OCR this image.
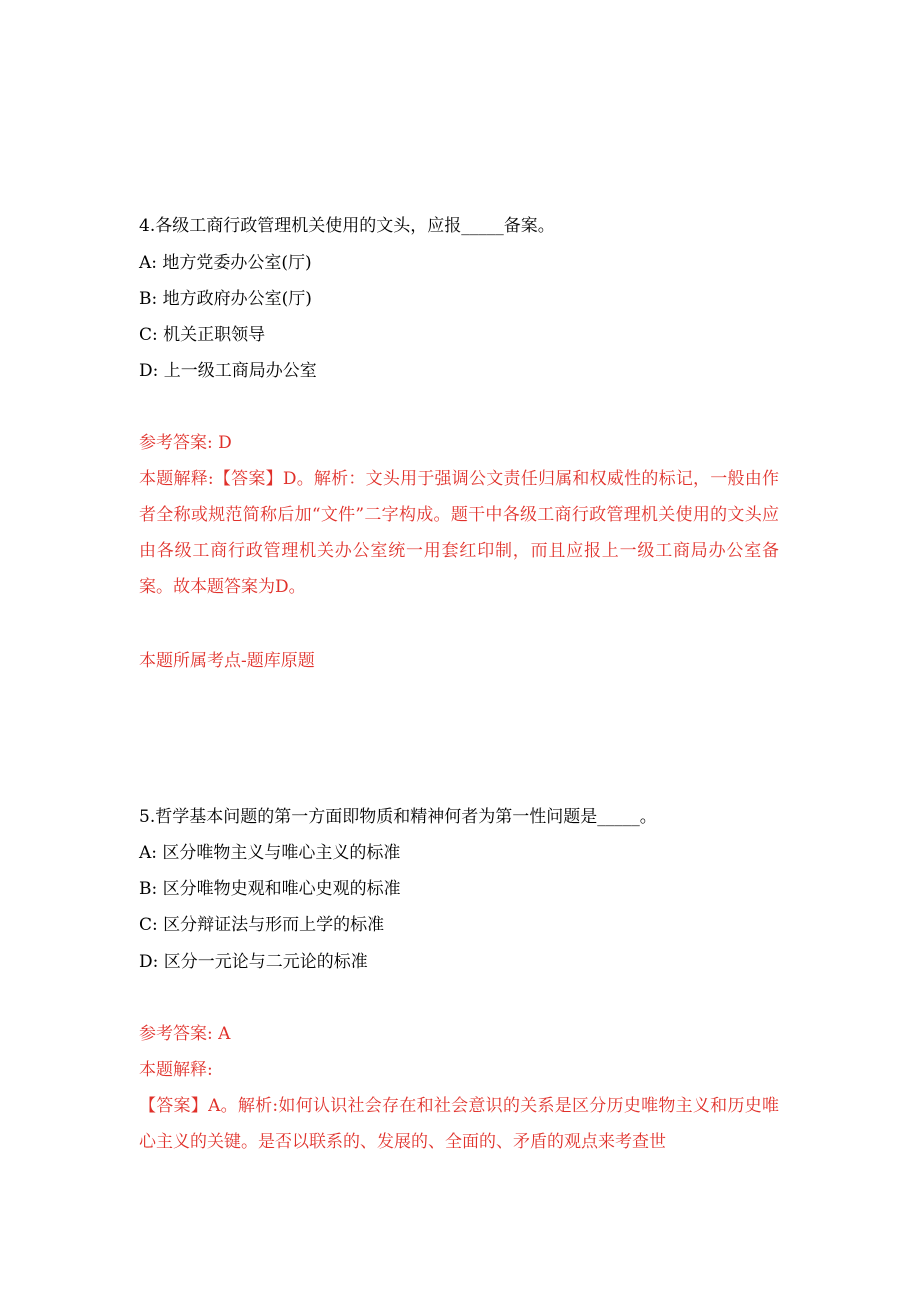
4.各级工商行政管理机关使用的文头，应报_____备案。
A: 地方党委办公室(厅)
B: 地方政府办公室(厅)
C: 机关正职领导
D: 上一级工商局办公室
参考答案: D
本题解释:【答案】D。解析：文头用于强调公文责任归属和权威性的标记，一般由作者全称或规范简称后加“文件”二字构成。题干中各级工商行政管理机关使用的文头应由各级工商行政管理机关办公室统一用套红印制，而且应报上一级工商局办公室备案。故本题答案为D。
本题所属考点-题库原题
5.哲学基本问题的第一方面即物质和精神何者为第一性问题是_____。
A: 区分唯物主义与唯心主义的标准
B: 区分唯物史观和唯心史观的标准
C: 区分辩证法与形而上学的标准
D: 区分一元论与二元论的标准
参考答案: A
本题解释:
【答案】A。解析:如何认识社会存在和社会意识的关系是区分历史唯物主义和历史唯心主义的关键。是否以联系的、发展的、全面的、矛盾的观点来考查世
